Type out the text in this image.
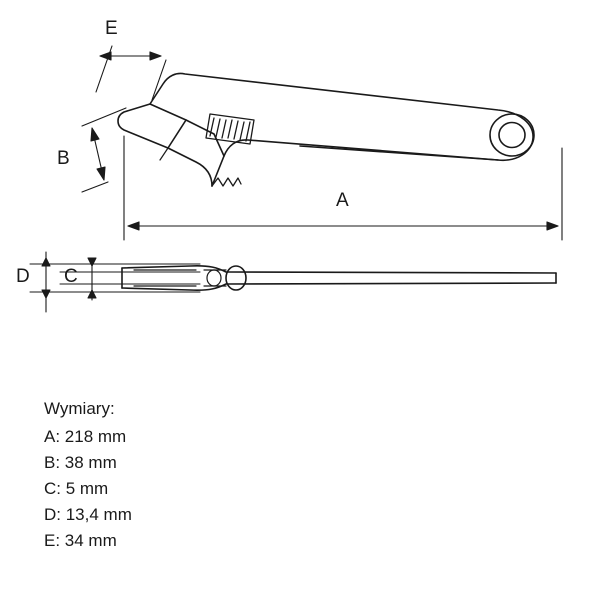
A
B
C
D
E
Wymiary:
A: 218 mm
B: 38 mm
C: 5 mm
D: 13,4 mm
E: 34 mm
